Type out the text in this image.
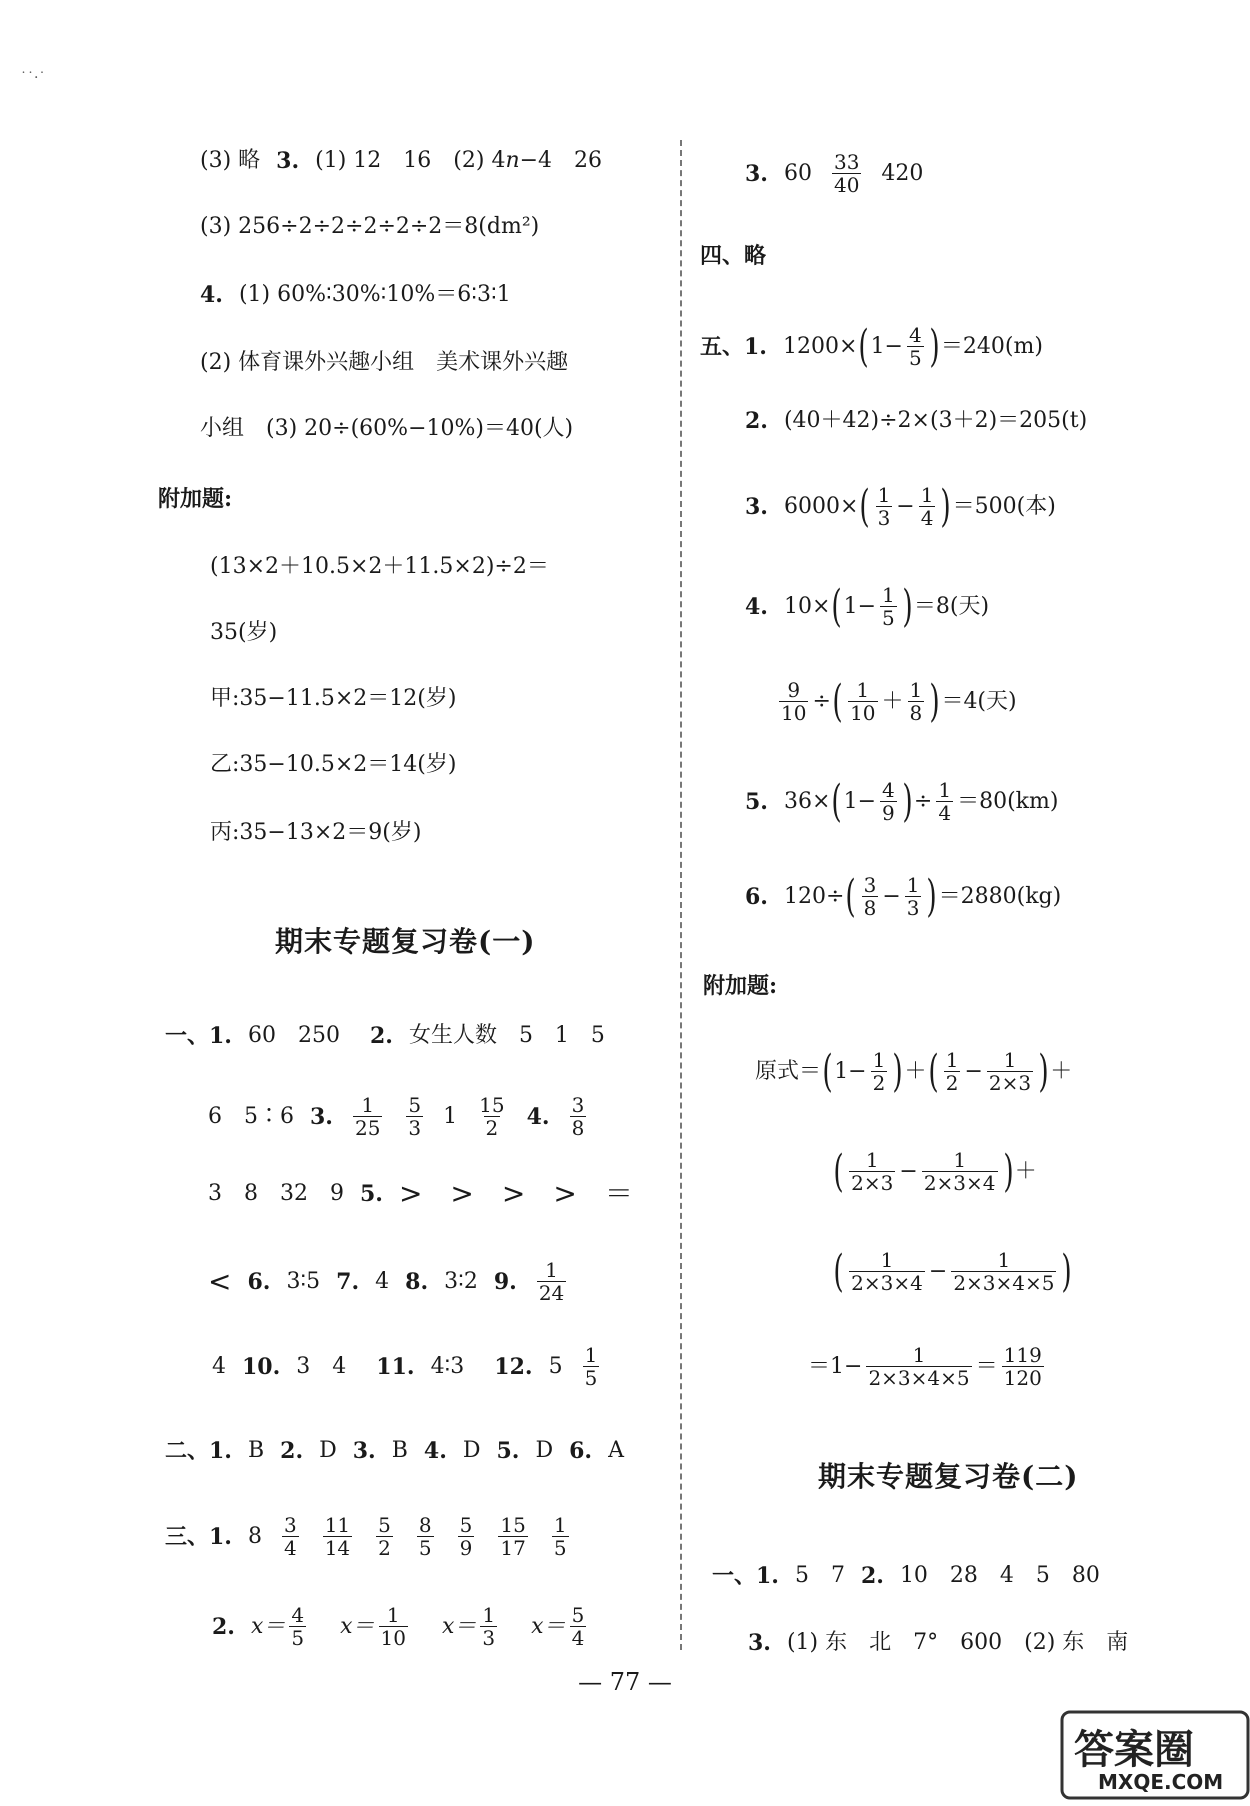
˙˙·˙
(3) 略 3. (1) 12　16　(2) 4 n −4　26
(3) 256÷2÷2÷2÷2÷2＝8(dm²)
4. (1) 60%∶30%∶10%＝6∶3∶1
(2) 体育课外兴趣小组　美术课外兴趣
小组　(3) 20÷(60%−10%)＝40(人)
附加题:
(13×2＋10.5×2＋11.5×2)÷2＝
35(岁)
甲:35−11.5×2＝12(岁)
乙:35−10.5×2＝14(岁)
丙:35−13×2＝9(岁)
期末专题复习卷(一)
一、1. 60　250 2. 女生人数　5　1　5
6　5∶6 3. $\frac{1}{25} \frac{5}{3} 1 \frac{15}{2} 4$. $\frac{3}{8}$
3　8　32　9 5. >　>　>　>　＝
< 6. 3∶5 7. 4 8. 3∶2 9. $\frac{1}{24}$
4 10. 3　4 11. 4∶3 12. $5 \frac{1}{5}$
二、1. B 2. D 3. B 4. D 5. D 6. A
三、1. $8 \frac{3}{4} \frac{11}{14} \frac{5}{2} \frac{8}{5} \frac{5}{9} \frac{15}{17} \frac{1}{5}$
2. $x= \frac{4}{5} x= \frac{1}{10} x= \frac{1}{3} x= \frac{5}{4}$
3. $60 \frac{33}{40} 420$
四、略
五、1. 1200× ( $1- \frac{4}{5}$ ) ＝240(m)
2. (40＋42)÷2×(3＋2)＝205(t)
3. 6000× ( $\frac{1}{3} - \frac{1}{4}$ ) ＝500(本)
4. 10× ( $1- \frac{1}{5}$ ) ＝8(天)
$\frac{9}{10}$ ÷ ( $\frac{1}{10} + \frac{1}{8}$ ) ＝4(天)
5. 36× ( $1- \frac{4}{9}$ ) ÷ $\frac{1}{4} =80(km)$
6. 120÷ ( $\frac{3}{8} - \frac{1}{3}$ ) ＝2880(kg)
附加题:
原式＝ ( $1- \frac{1}{2}$ ) ＋ ( $\frac{1}{2} - \frac{1}{2\times 3}$ ) ＋
( $\frac{1}{2\times 3} - \frac{1}{2\times 3\times 4}$ ) ＋
( $\frac{1}{2\times 3\times 4} - \frac{1}{2\times 3\times 4\times 5}$ )
$=1- \frac{1}{2\times 3\times 4\times 5} = \frac{119}{120}$
期末专题复习卷(二)
一、1. 5　7 2. 10　28　4　5　80
3. (1) 东　北　7°　600　(2) 东　南
— 77 —
答案圈
MXQE.COM
